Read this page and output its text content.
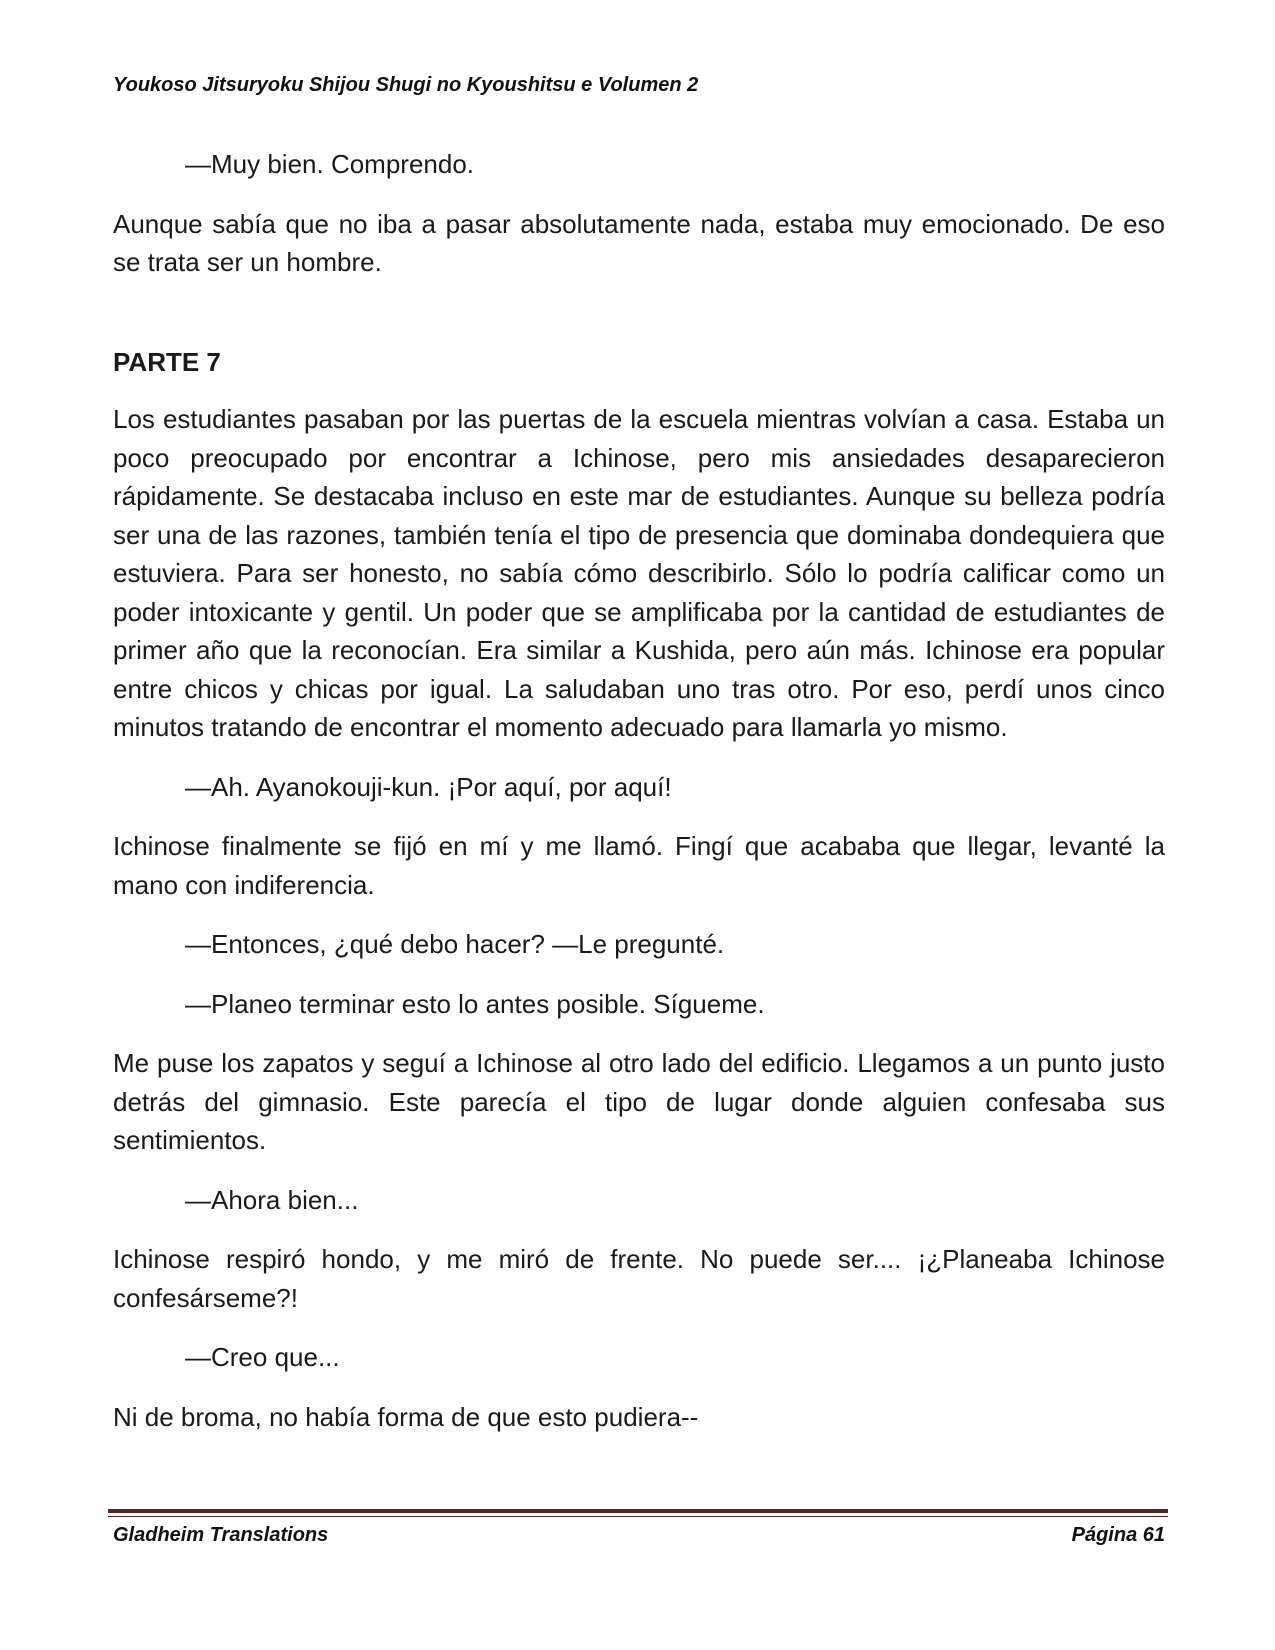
Youkoso Jitsuryoku Shijou Shugi no Kyoushitsu e Volumen 2
—Muy bien. Comprendo.
Aunque sabía que no iba a pasar absolutamente nada, estaba muy emocionado. De eso se trata ser un hombre.
PARTE 7
Los estudiantes pasaban por las puertas de la escuela mientras volvían a casa. Estaba un poco preocupado por encontrar a Ichinose, pero mis ansiedades desaparecieron rápidamente. Se destacaba incluso en este mar de estudiantes. Aunque su belleza podría ser una de las razones, también tenía el tipo de presencia que dominaba dondequiera que estuviera. Para ser honesto, no sabía cómo describirlo. Sólo lo podría calificar como un poder intoxicante y gentil. Un poder que se amplificaba por la cantidad de estudiantes de primer año que la reconocían. Era similar a Kushida, pero aún más. Ichinose era popular entre chicos y chicas por igual. La saludaban uno tras otro. Por eso, perdí unos cinco minutos tratando de encontrar el momento adecuado para llamarla yo mismo.
—Ah. Ayanokouji-kun. ¡Por aquí, por aquí!
Ichinose finalmente se fijó en mí y me llamó. Fingí que acababa que llegar, levanté la mano con indiferencia.
—Entonces, ¿qué debo hacer? —Le pregunté.
—Planeo terminar esto lo antes posible. Sígueme.
Me puse los zapatos y seguí a Ichinose al otro lado del edificio. Llegamos a un punto justo detrás del gimnasio. Este parecía el tipo de lugar donde alguien confesaba sus sentimientos.
—Ahora bien...
Ichinose respiró hondo, y me miró de frente. No puede ser.... ¡¿Planeaba Ichinose confesárseme?!
—Creo que...
Ni de broma, no había forma de que esto pudiera--
Gladheim Translations	Página 61
